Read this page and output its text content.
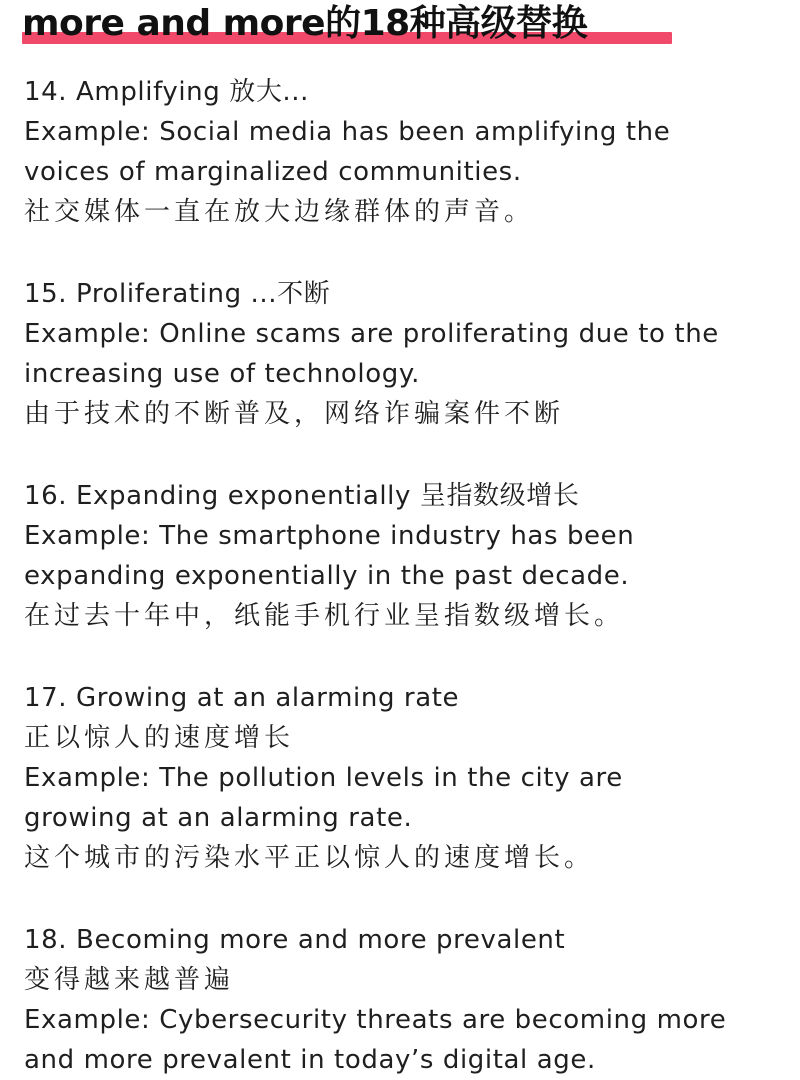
more and more的18种高级替换
14. Amplifying 放大...
Example: Social media has been amplifying the
voices of marginalized communities.
社交媒体一直在放大边缘群体的声音。
15. Proliferating ...不断
Example: Online scams are proliferating due to the
increasing use of technology.
由于技术的不断普及，网络诈骗案件不断
16. Expanding exponentially 呈指数级增长
Example: The smartphone industry has been
expanding exponentially in the past decade.
在过去十年中，纸能手机行业呈指数级增长。
17. Growing at an alarming rate
正以惊人的速度增长
Example: The pollution levels in the city are
growing at an alarming rate.
这个城市的污染水平正以惊人的速度增长。
18. Becoming more and more prevalent
变得越来越普遍
Example: Cybersecurity threats are becoming more
and more prevalent in today’s digital age.
